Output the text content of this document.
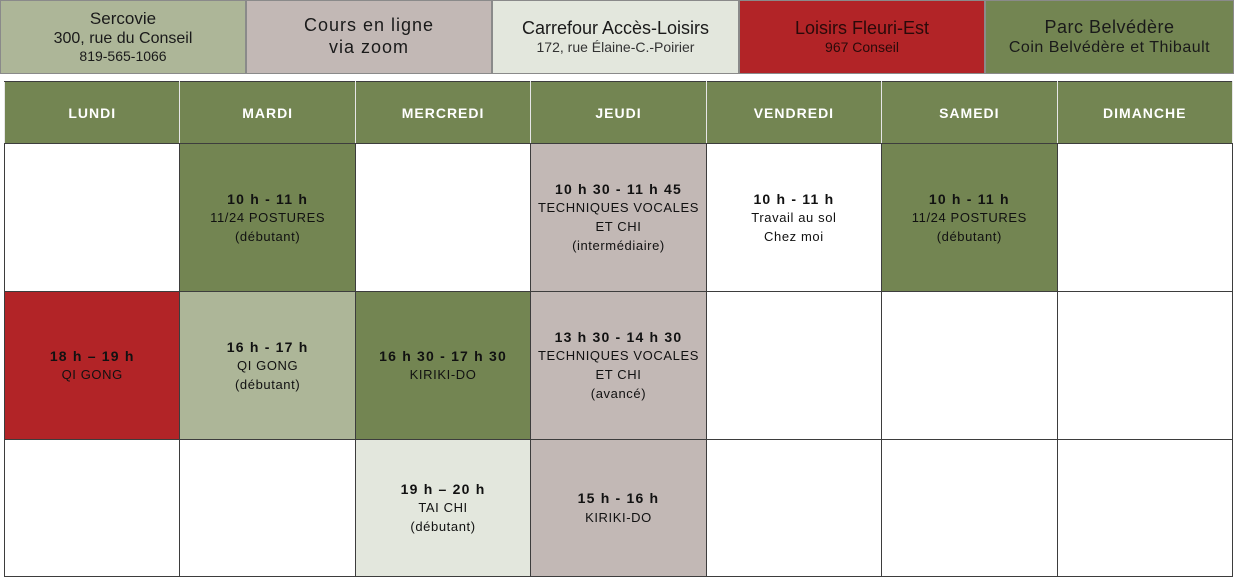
Sercovie
300, rue du Conseil
819-565-1066
Cours en ligne
via zoom
Carrefour Accès-Loisirs
172, rue Élaine-C.-Poirier
Loisirs Fleuri-Est
967 Conseil
Parc Belvédère
Coin Belvédère et Thibault
LUNDI	MARDI	MERCREDI	JEUDI	VENDREDI	SAMEDI	DIMANCHE

	10 h - 11 h
11/24 POSTURES
(débutant)		10 h 30 - 11 h 45
TECHNIQUES VOCALES
ET CHI
(intermédiaire)	10 h - 11 h
Travail au sol
Chez moi	10 h - 11 h
11/24 POSTURES
(débutant)	

18 h – 19 h
QI GONG	16 h - 17 h
QI GONG
(débutant)	16 h 30 - 17 h 30
KIRIKI-DO	13 h 30 - 14 h 30
TECHNIQUES VOCALES
ET CHI
(avancé)			

		19 h – 20 h
TAI CHI
(débutant)	15 h - 16 h
KIRIKI-DO			
